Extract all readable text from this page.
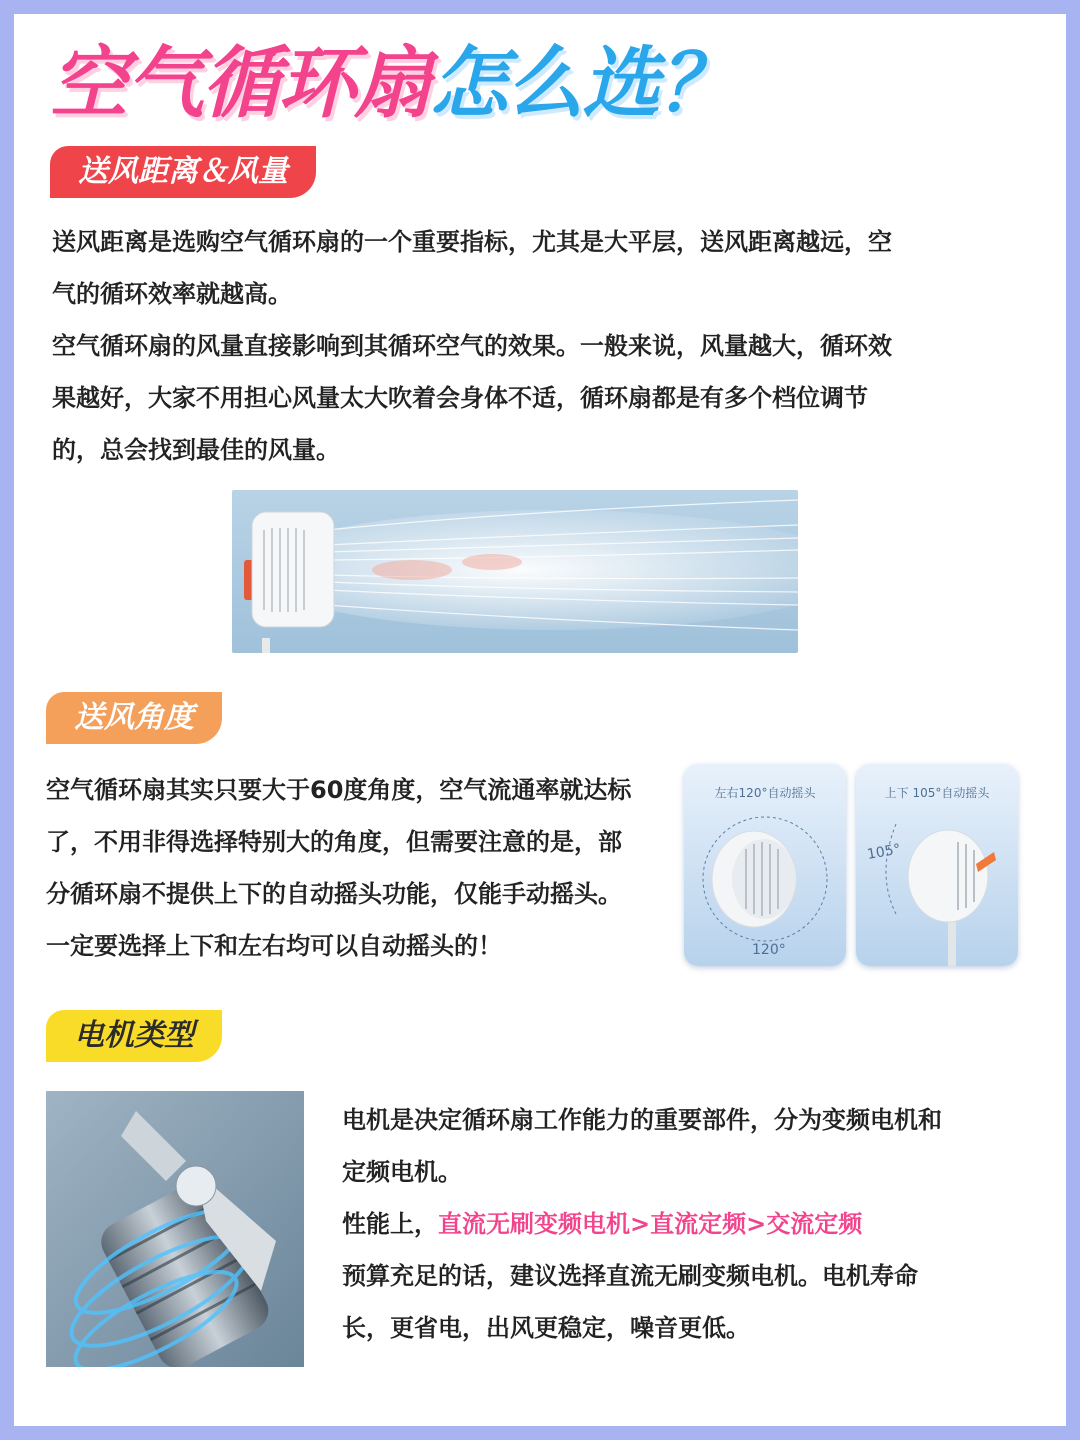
空气循环扇怎么选？
送风距离＆风量
送风距离是选购空气循环扇的一个重要指标，尤其是大平层，送风距离越远，空
气的循环效率就越高。
空气循环扇的风量直接影响到其循环空气的效果。一般来说，风量越大，循环效
果越好，大家不用担心风量太大吹着会身体不适，循环扇都是有多个档位调节
的，总会找到最佳的风量。
送风角度
空气循环扇其实只要大于60度角度，空气流通率就达标
了，不用非得选择特别大的角度，但需要注意的是，部
分循环扇不提供上下的自动摇头功能，仅能手动摇头。
一定要选择上下和左右均可以自动摇头的！
左右120°自动摇头
120°
上下 105°自动摇头
105°
电机类型
电机是决定循环扇工作能力的重要部件，分为变频电机和
定频电机。
性能上，直流无刷变频电机>直流定频>交流定频
预算充足的话，建议选择直流无刷变频电机。电机寿命
长，更省电，出风更稳定，噪音更低。
